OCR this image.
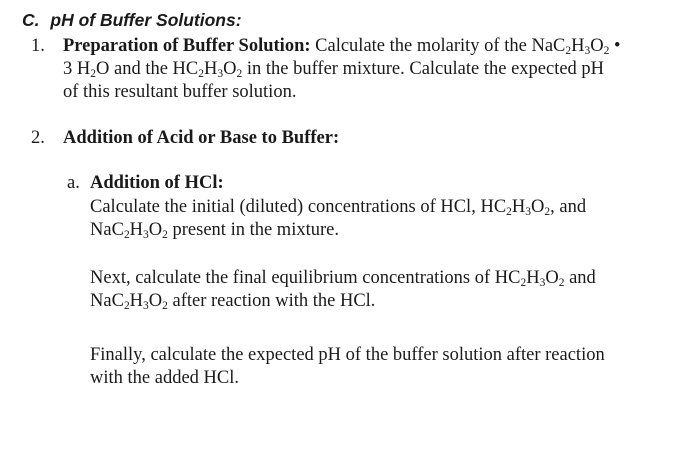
C. pH of Buffer Solutions:
1. Preparation of Buffer Solution: Calculate the molarity of the $NaC_2H_3O_2$ •
3 $H_2O$ and the $HC_2H_3O_2$ in the buffer mixture. Calculate the expected pH
of this resultant buffer solution.
2. Addition of Acid or Base to Buffer:
a. Addition of HCl:
Calculate the initial (diluted) concentrations of HCl, $HC_2H_3O_2$, and
$NaC_2H_3O_2$ present in the mixture.
Next, calculate the final equilibrium concentrations of $HC_2H_3O_2$ and
$NaC_2H_3O_2$ after reaction with the HCl.
Finally, calculate the expected pH of the buffer solution after reaction
with the added HCl.
